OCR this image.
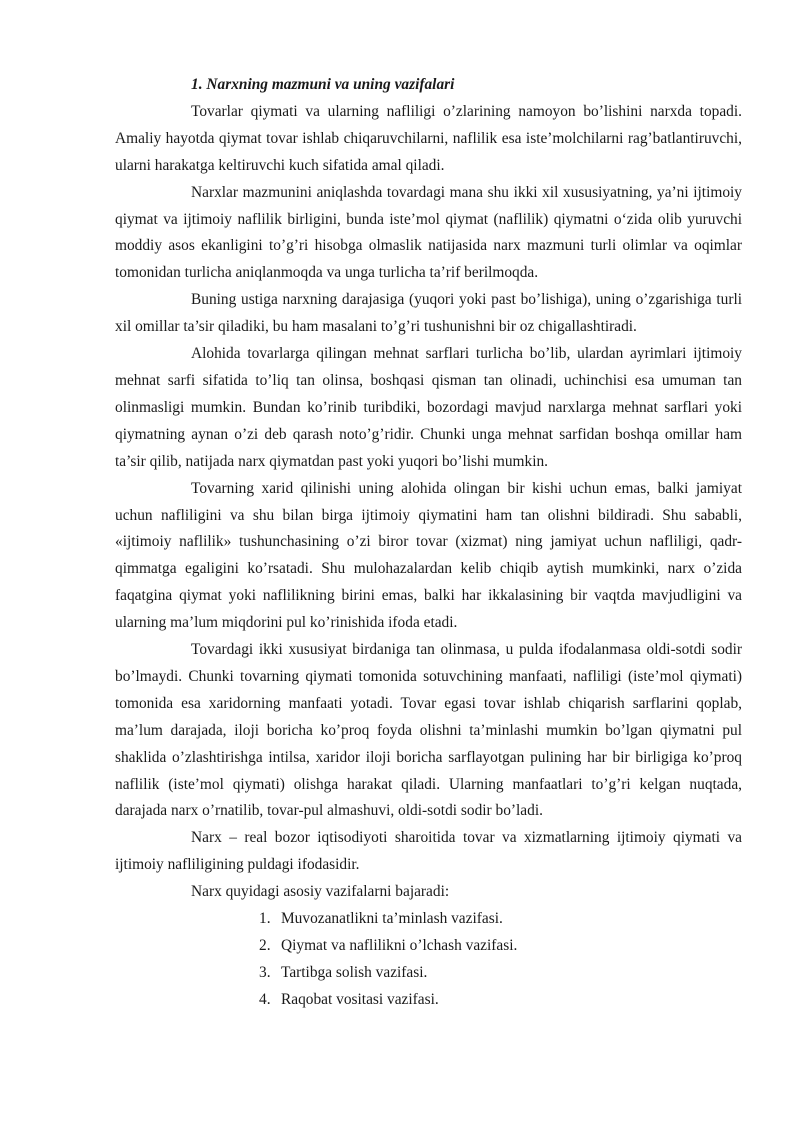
1. Narxning mazmuni va uning vazifalari

Tovarlar qiymati va ularning nafliligi o’zlarining namoyon bo’lishini narxda topadi. Amaliy hayotda qiymat tovar ishlab chiqaruvchilarni, naflilik esa iste’molchilarni rag’batlantiruvchi, ularni harakatga keltiruvchi kuch sifatida amal qiladi.

Narxlar mazmunini aniqlashda tovardagi mana shu ikki xil xususiyatning, ya’ni ijtimoiy qiymat va ijtimoiy naflilik birligini, bunda iste’mol qiymat (naflilik) qiymatni oʻzida olib yuruvchi moddiy asos ekanligini to’g’ri hisobga olmaslik natijasida narx mazmuni turli olimlar va oqimlar tomonidan turlicha aniqlanmoqda va unga turlicha ta’rif berilmoqda.

Buning ustiga narxning darajasiga (yuqori yoki past bo’lishiga), uning o’zgarishiga turli xil omillar ta’sir qiladiki, bu ham masalani to’g’ri tushunishni bir oz chigallashtiradi.

Alohida tovarlarga qilingan mehnat sarflari turlicha bo’lib, ulardan ayrimlari ijtimoiy mehnat sarfi sifatida to’liq tan olinsa, boshqasi qisman tan olinadi, uchinchisi esa umuman tan olinmasligi mumkin. Bundan ko’rinib turibdiki, bozordagi mavjud narxlarga mehnat sarflari yoki qiymatning aynan o’zi deb qarash noto’g’ridir. Chunki unga mehnat sarfidan boshqa omillar ham ta’sir qilib, natijada narx qiymatdan past yoki yuqori bo’lishi mumkin.

Tovarning xarid qilinishi uning alohida olingan bir kishi uchun emas, balki jamiyat uchun nafliligini va shu bilan birga ijtimoiy qiymatini ham tan olishni bildiradi. Shu sababli, «ijtimoiy naflilik» tushunchasining o’zi biror tovar (xizmat) ning jamiyat uchun nafliligi, qadr-qimmatga egaligini ko’rsatadi. Shu mulohazalardan kelib chiqib aytish mumkinki, narx o’zida faqatgina qiymat yoki naflilikning birini emas, balki har ikkalasining bir vaqtda mavjudligini va ularning ma’lum miqdorini pul ko’rinishida ifoda etadi.

Tovardagi ikki xususiyat birdaniga tan olinmasa, u pulda ifodalanmasa oldi-sotdi sodir bo’lmaydi. Chunki tovarning qiymati tomonida sotuvchining manfaati, nafliligi (iste’mol qiymati) tomonida esa xaridorning manfaati yotadi. Tovar egasi tovar ishlab chiqarish sarflarini qoplab, ma’lum darajada, iloji boricha ko’proq foyda olishni ta’minlashi mumkin bo’lgan qiymatni pul shaklida o’zlashtirishga intilsa, xaridor iloji boricha sarflayotgan pulining har bir birligiga ko’proq naflilik (iste’mol qiymati) olishga harakat qiladi. Ularning manfaatlari to’g’ri kelgan nuqtada, darajada narx o’rnatilib, tovar-pul almashuvi, oldi-sotdi sodir bo’ladi.

Narx – real bozor iqtisodiyoti sharoitida tovar va xizmatlarning ijtimoiy qiymati va ijtimoiy nafliligining puldagi ifodasidir.

Narx quyidagi asosiy vazifalarni bajaradi:

1. Muvozanatlikni ta’minlash vazifasi.
2. Qiymat va naflilikni o’lchash vazifasi.
3. Tartibga solish vazifasi.
4. Raqobat vositasi vazifasi.
